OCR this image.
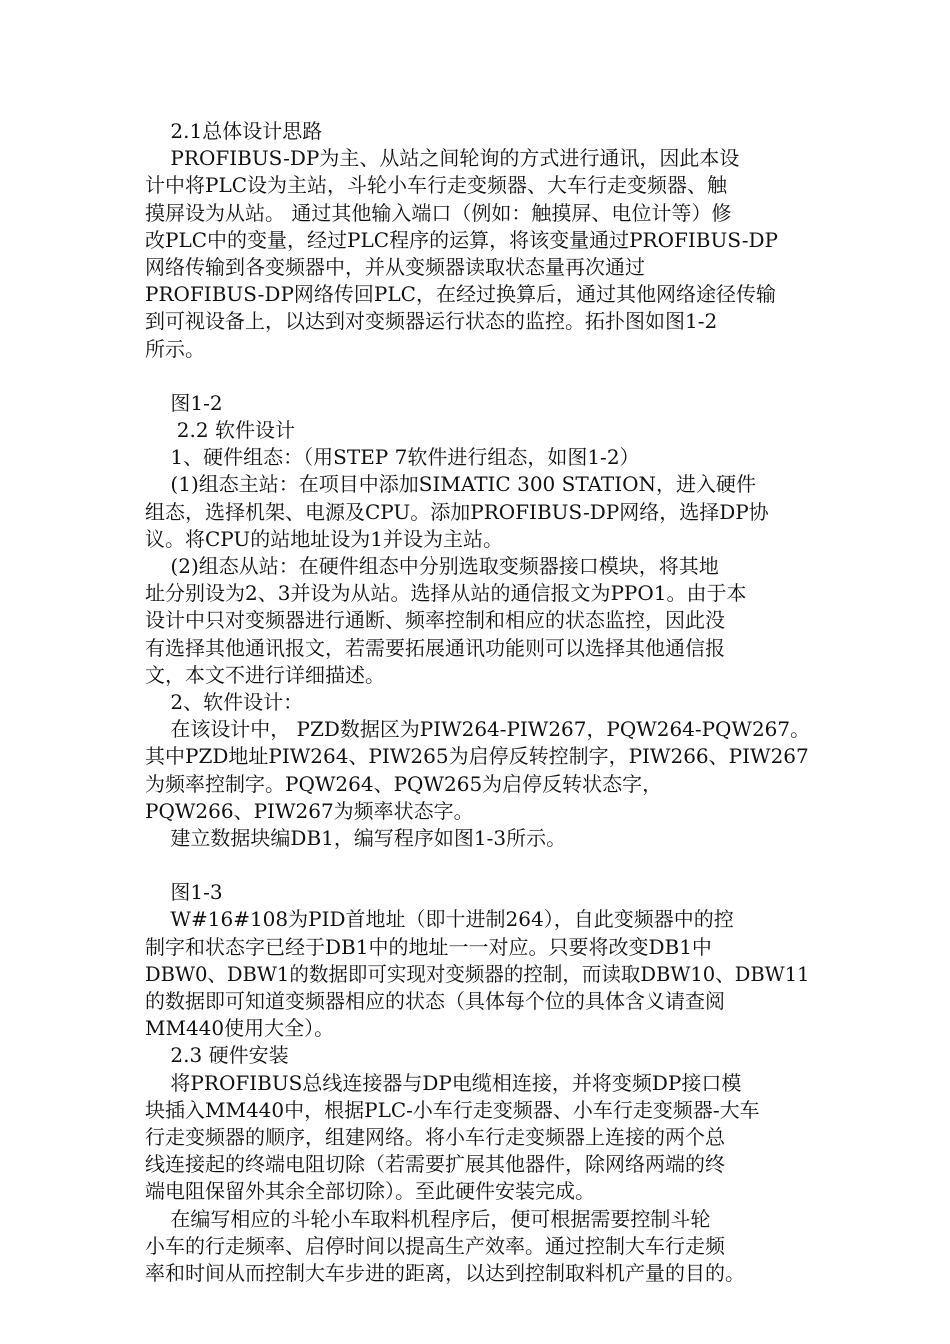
2.1总体设计思路
PROFIBUS-DP为主、从站之间轮询的方式进行通讯，因此本设
计中将PLC设为主站，斗轮小车行走变频器、大车行走变频器、触
摸屏设为从站。 通过其他输入端口（例如：触摸屏、电位计等）修
改PLC中的变量，经过PLC程序的运算，将该变量通过PROFIBUS-DP
网络传输到各变频器中，并从变频器读取状态量再次通过
PROFIBUS-DP网络传回PLC，在经过换算后，通过其他网络途径传输
到可视设备上，以达到对变频器运行状态的监控。拓扑图如图1-2
所示。
图1-2
2.2 软件设计
1、硬件组态：（用STEP 7软件进行组态，如图1-2）
(1)组态主站：在项目中添加SIMATIC 300 STATION，进入硬件
组态，选择机架、电源及CPU。添加PROFIBUS-DP网络，选择DP协
议。将CPU的站地址设为1并设为主站。
(2)组态从站：在硬件组态中分别选取变频器接口模块，将其地
址分别设为2、3并设为从站。选择从站的通信报文为PPO1。由于本
设计中只对变频器进行通断、频率控制和相应的状态监控，因此没
有选择其他通讯报文，若需要拓展通讯功能则可以选择其他通信报
文，本文不进行详细描述。
2、软件设计：
在该设计中， PZD数据区为PIW264-PIW267，PQW264-PQW267。
其中PZD地址PIW264、PIW265为启停反转控制字，PIW266、PIW267
为频率控制字。PQW264、PQW265为启停反转状态字，
PQW266、PIW267为频率状态字。
建立数据块编DB1，编写程序如图1-3所示。
图1-3
W#16#108为PID首地址（即十进制264），自此变频器中的控
制字和状态字已经于DB1中的地址一一对应。只要将改变DB1中
DBW0、DBW1的数据即可实现对变频器的控制，而读取DBW10、DBW11
的数据即可知道变频器相应的状态（具体每个位的具体含义请查阅
MM440使用大全）。
2.3 硬件安装
将PROFIBUS总线连接器与DP电缆相连接，并将变频DP接口模
块插入MM440中，根据PLC-小车行走变频器、小车行走变频器-大车
行走变频器的顺序，组建网络。将小车行走变频器上连接的两个总
线连接起的终端电阻切除（若需要扩展其他器件，除网络两端的终
端电阻保留外其余全部切除）。至此硬件安装完成。
在编写相应的斗轮小车取料机程序后，便可根据需要控制斗轮
小车的行走频率、启停时间以提高生产效率。通过控制大车行走频
率和时间从而控制大车步进的距离，以达到控制取料机产量的目的。
